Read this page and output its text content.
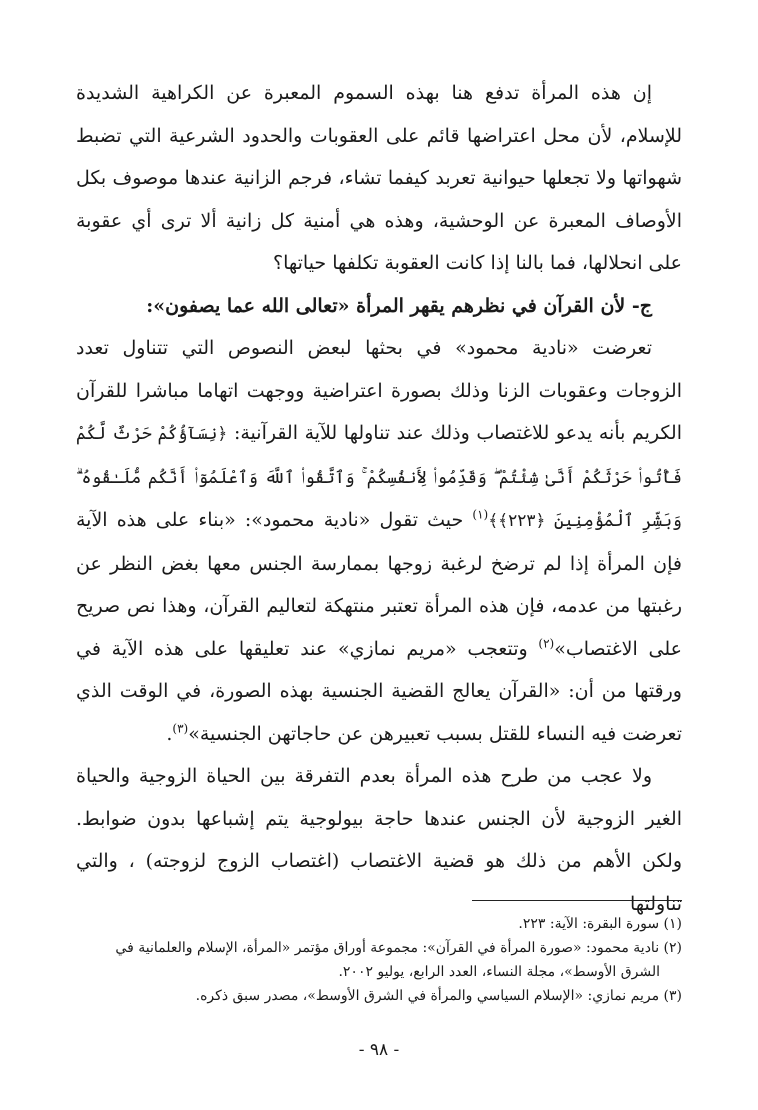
إن هذه المرأة تدفع هنا بهذه السموم المعبرة عن الكراهية الشديدة للإسلام، لأن محل اعتراضها قائم على العقوبات والحدود الشرعية التي تضبط شهواتها ولا تجعلها حيوانية تعربد كيفما تشاء، فرجم الزانية عندها موصوف بكل الأوصاف المعبرة عن الوحشية، وهذه هي أمنية كل زانية ألا ترى أي عقوبة على انحلالها، فما بالنا إذا كانت العقوبة تكلفها حياتها؟

ج- لأن القرآن في نظرهم يقهر المرأة «تعالى الله عما يصفون»:

تعرضت «نادية محمود» في بحثها لبعض النصوص التي تتناول تعدد الزوجات وعقوبات الزنا وذلك بصورة اعتراضية ووجهت اتهاما مباشرا للقرآن الكريم بأنه يدعو للاغتصاب وذلك عند تناولها للآية القرآنية: ﴿نِسَآؤُكُمْ حَرْثٌ لَّكُمْ فَأْتُوا۟ حَرْثَكُمْ أَنَّىٰ شِئْتُمْ ۖ وَقَدِّمُوا۟ لِأَنفُسِكُمْ ۚ وَٱتَّقُوا۟ ٱللَّهَ وَٱعْلَمُوٓا۟ أَنَّكُم مُّلَـٰقُوهُ ۗ وَبَشِّرِ ٱلْمُؤْمِنِينَ ﴿٢٢٣﴾﴾$^{(١)}$ حيث تقول «نادية محمود»: «بناء على هذه الآية فإن المرأة إذا لم ترضخ لرغبة زوجها بممارسة الجنس معها بغض النظر عن رغبتها من عدمه، فإن هذه المرأة تعتبر منتهكة لتعاليم القرآن، وهذا نص صريح على الاغتصاب»$^{(٢)}$ وتتعجب «مريم نمازي» عند تعليقها على هذه الآية في ورقتها من أن: «القرآن يعالج القضية الجنسية بهذه الصورة، في الوقت الذي تعرضت فيه النساء للقتل بسبب تعبيرهن عن حاجاتهن الجنسية»$^{(٣)}$.

ولا عجب من طرح هذه المرأة بعدم التفرقة بين الحياة الزوجية والحياة الغير الزوجية لأن الجنس عندها حاجة بيولوجية يتم إشباعها بدون ضوابط. ولكن الأهم من ذلك هو قضية الاغتصاب (اغتصاب الزوج لزوجته) ، والتي تناولتها

(١) سورة البقرة: الآية: ٢٢٣.

(٢) نادية محمود: «صورة المرأة في القرآن»: مجموعة أوراق مؤتمر «المرأة، الإسلام والعلمانية في

الشرق الأوسط»، مجلة النساء، العدد الرابع، يوليو ٢٠٠٢.

(٣) مريم نمازي: «الإسلام السياسي والمرأة في الشرق الأوسط»، مصدر سبق ذكره.

- ٩٨ -
